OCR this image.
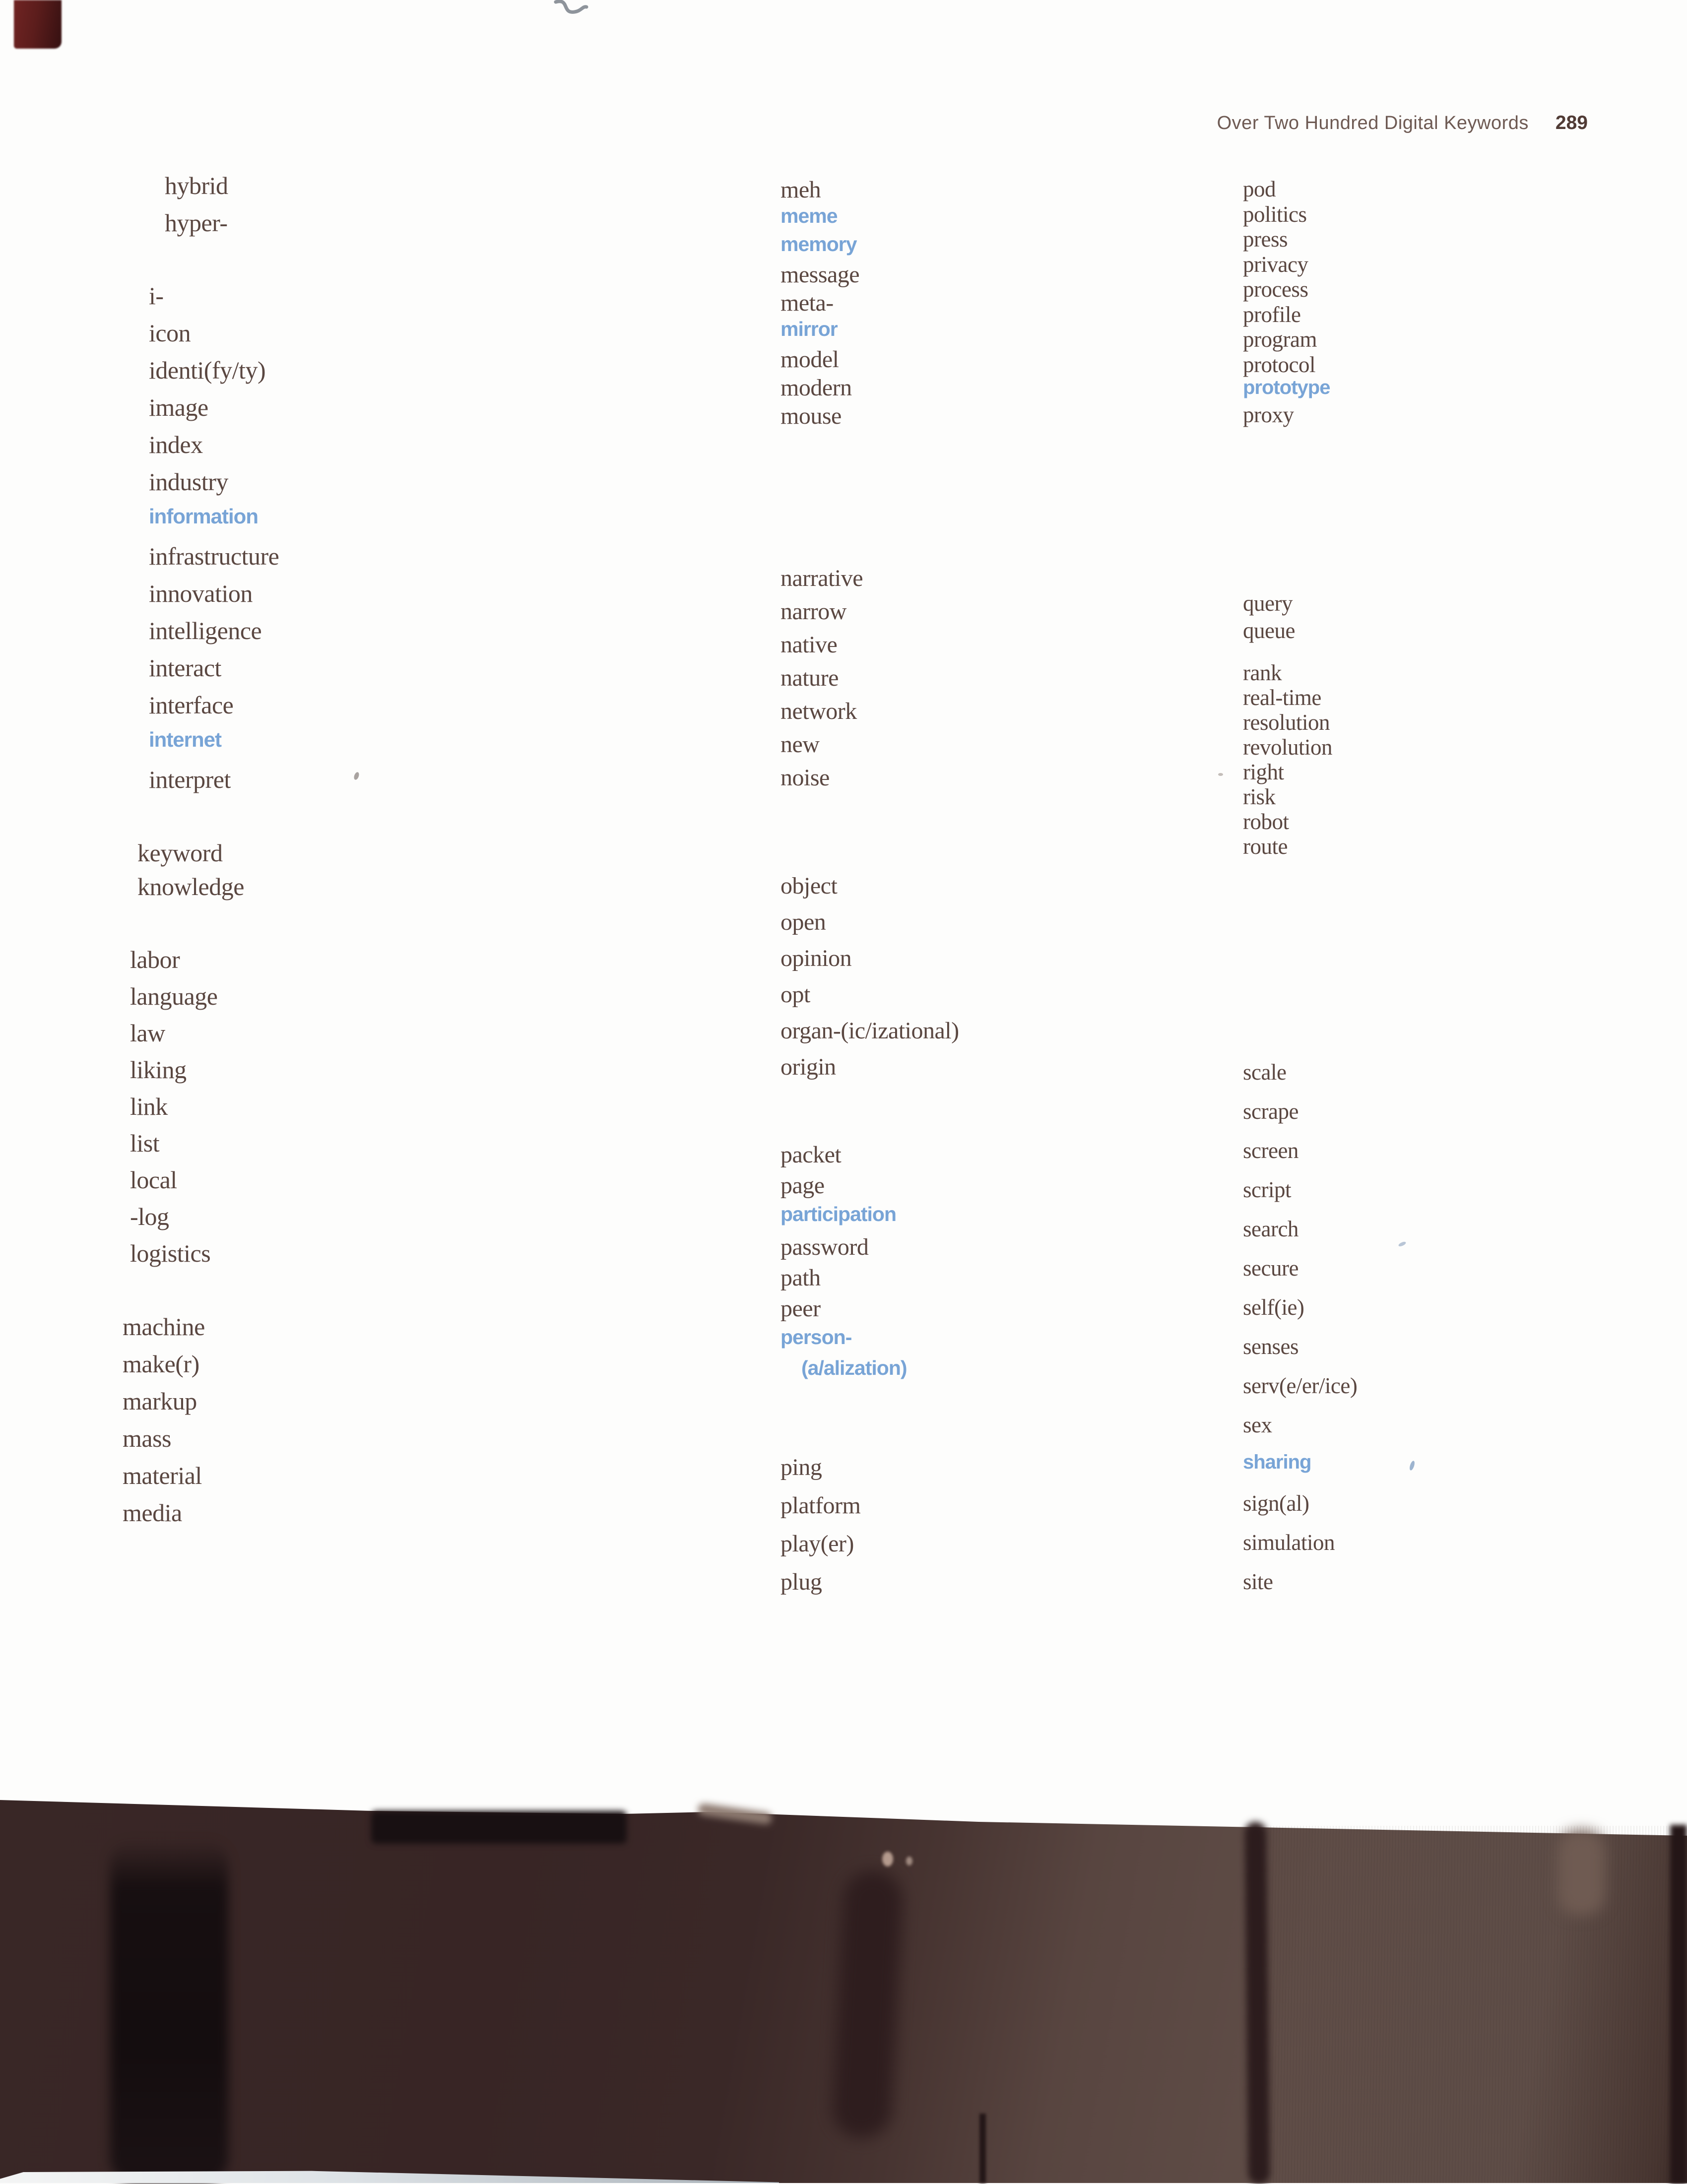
Over Two Hundred Digital Keywords 289
hybrid
hyper-
i-
icon
identi(fy/ty)
image
index
industry
information
infrastructure
innovation
intelligence
interact
interface
internet
interpret
keyword
knowledge
labor
language
law
liking
link
list
local
-log
logistics
machine
make(r)
markup
mass
material
media
meh
meme
memory
message
meta-
mirror
model
modern
mouse
narrative
narrow
native
nature
network
new
noise
object
open
opinion
opt
organ-(ic/izational)
origin
packet
page
participation
password
path
peer
person-
(a/alization)
ping
platform
play(er)
plug
pod
politics
press
privacy
process
profile
program
protocol
prototype
proxy
query
queue
rank
real-time
resolution
revolution
right
risk
robot
route
scale
scrape
screen
script
search
secure
self(ie)
senses
serv(e/er/ice)
sex
sharing
sign(al)
simulation
site
